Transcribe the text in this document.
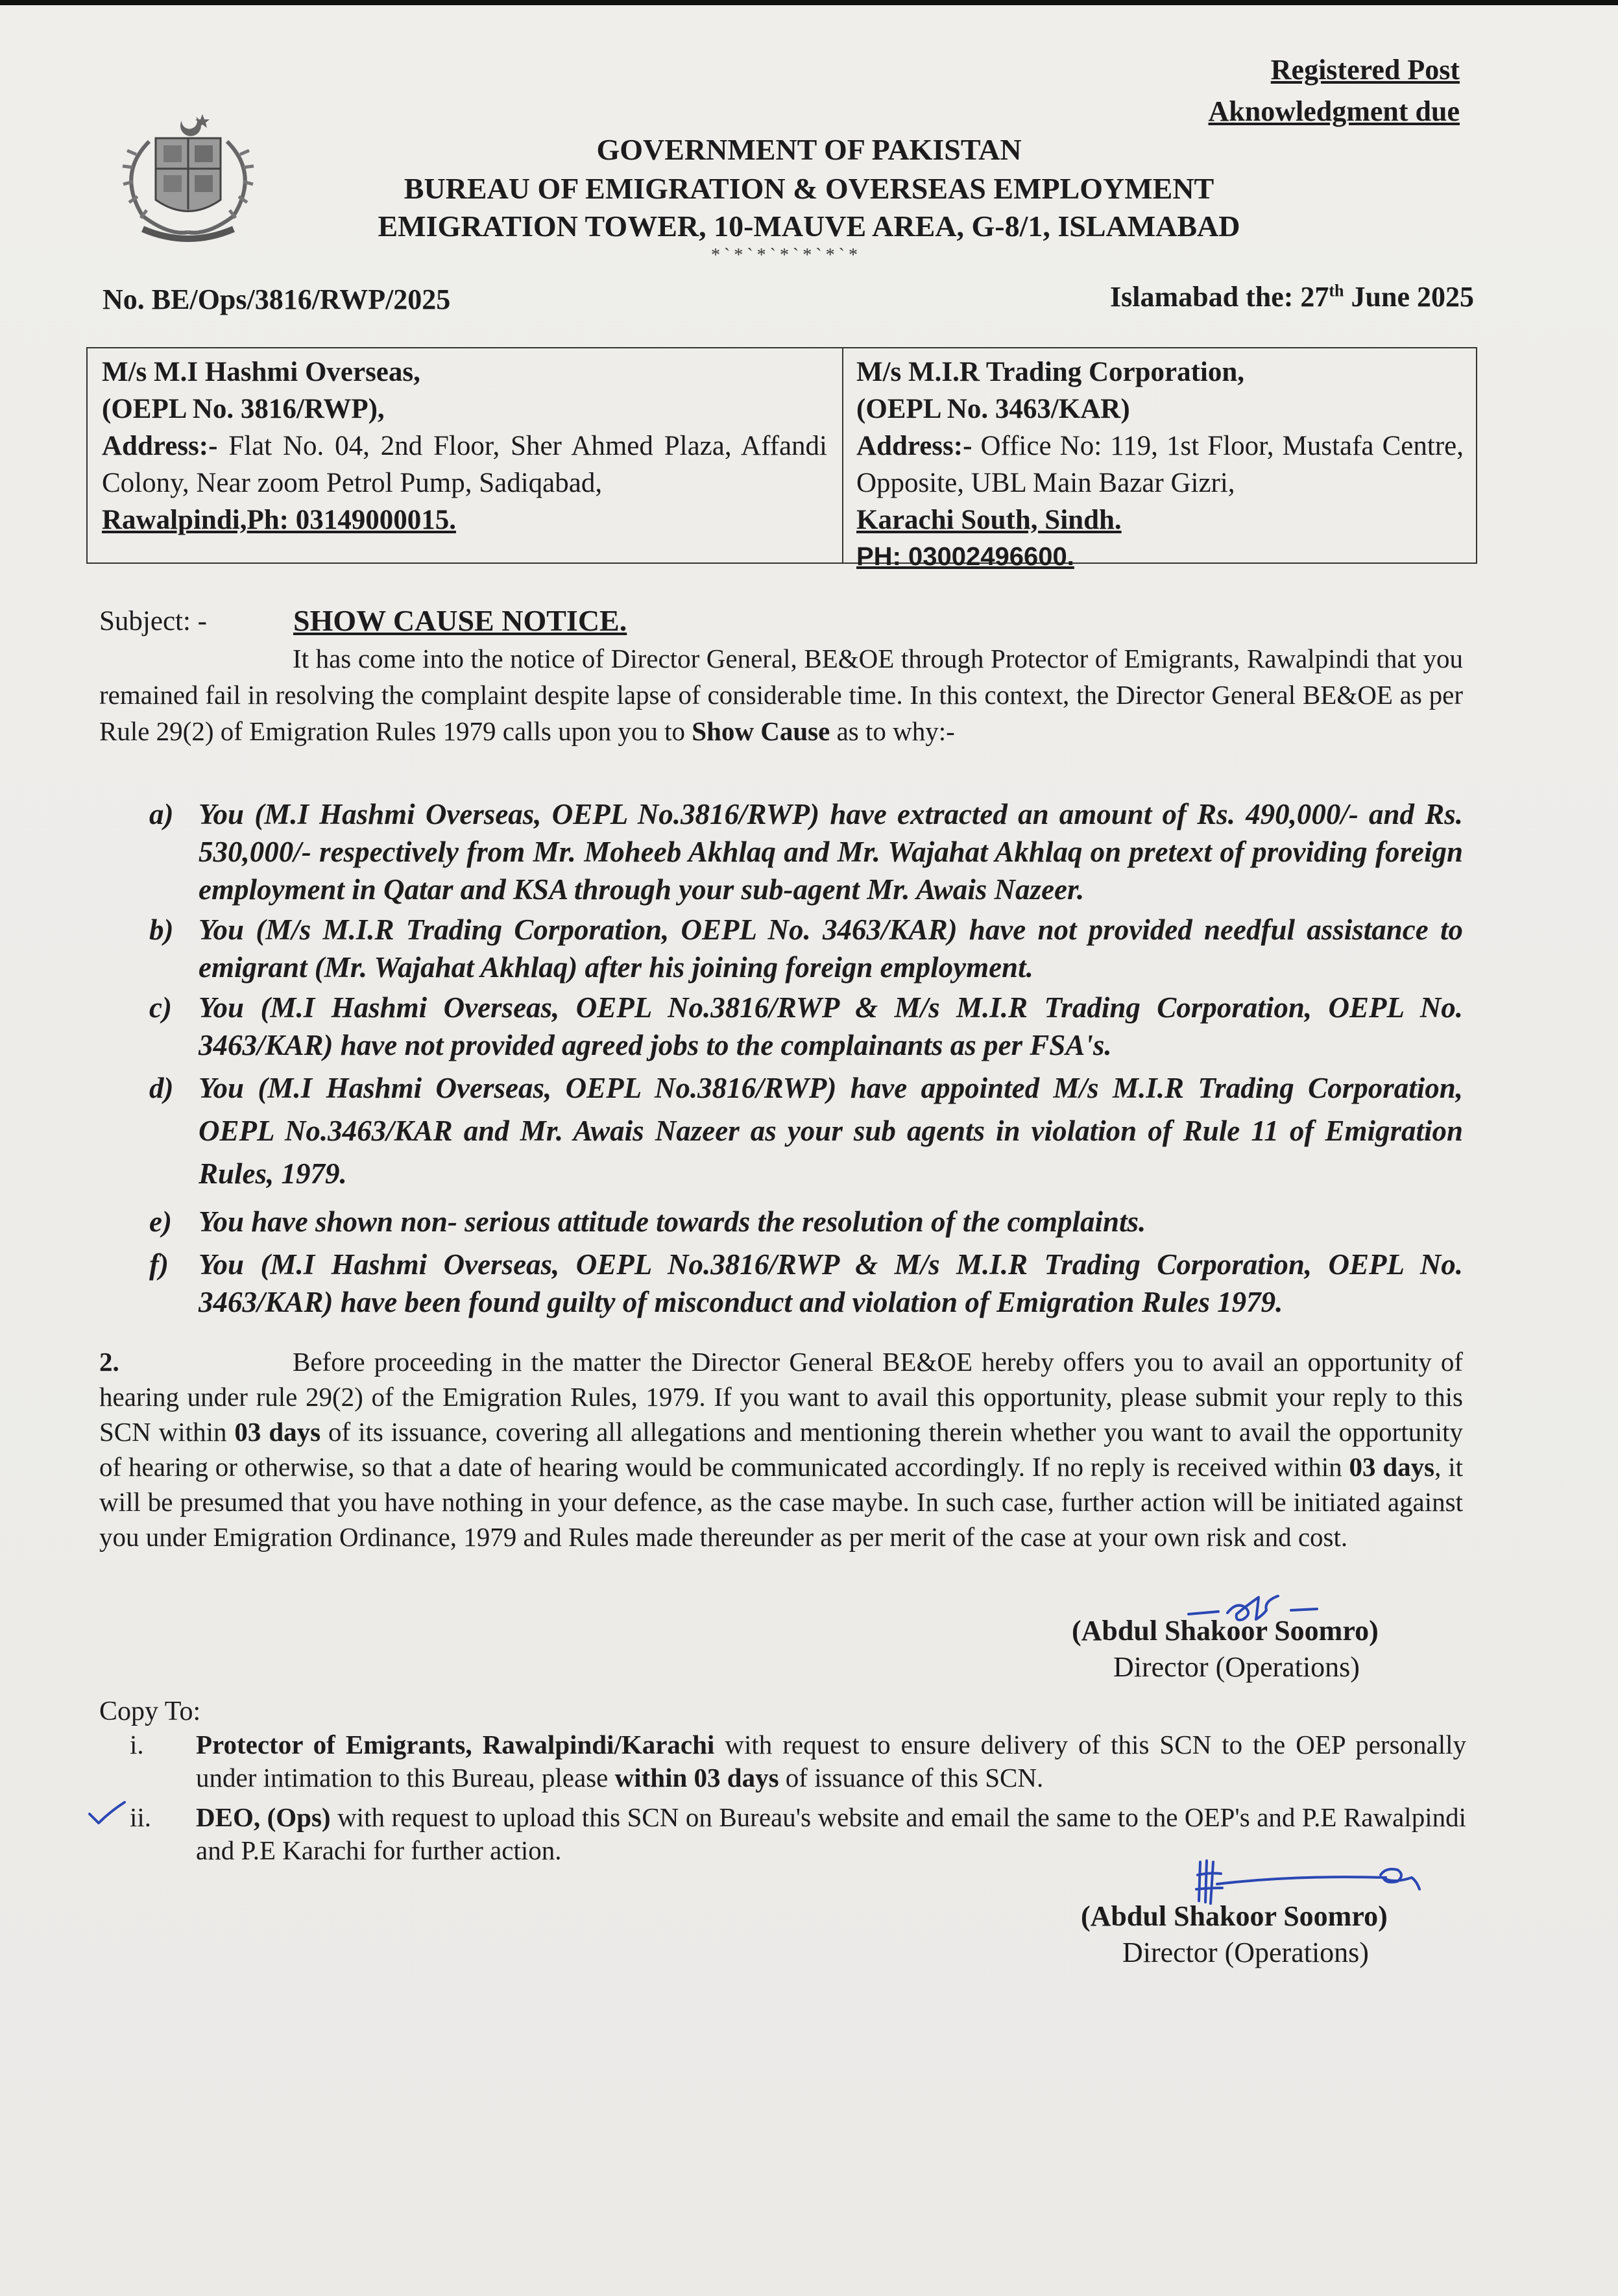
Registered Post
Aknowledgment due
GOVERNMENT OF PAKISTAN
BUREAU OF EMIGRATION & OVERSEAS EMPLOYMENT
EMIGRATION TOWER, 10-MAUVE AREA, G-8/1, ISLAMABAD
*`*`*`*`*`*`*
No. BE/Ops/3816/RWP/2025	Islamabad the: 27th June 2025
M/s M.I Hashmi Overseas,
(OEPL No. 3816/RWP),
Address:- Flat No. 04, 2nd Floor, Sher Ahmed Plaza, Affandi Colony, Near zoom Petrol Pump, Sadiqabad,
Rawalpindi,Ph: 03149000015.
M/s M.I.R Trading Corporation,
(OEPL No. 3463/KAR)
Address:- Office No: 119, 1st Floor, Mustafa Centre, Opposite, UBL Main Bazar Gizri,
Karachi South, Sindh.
PH: 03002496600.
Subject: -	SHOW CAUSE NOTICE.
It has come into the notice of Director General, BE&OE through Protector of Emigrants, Rawalpindi that you remained fail in resolving the complaint despite lapse of considerable time. In this context, the Director General BE&OE as per Rule 29(2) of Emigration Rules 1979 calls upon you to Show Cause as to why:-
a) You (M.I Hashmi Overseas, OEPL No.3816/RWP) have extracted an amount of Rs. 490,000/- and Rs. 530,000/- respectively from Mr. Moheeb Akhlaq and Mr. Wajahat Akhlaq on pretext of providing foreign employment in Qatar and KSA through your sub-agent Mr. Awais Nazeer.
b) You (M/s M.I.R Trading Corporation, OEPL No. 3463/KAR) have not provided needful assistance to emigrant (Mr. Wajahat Akhlaq) after his joining foreign employment.
c) You (M.I Hashmi Overseas, OEPL No.3816/RWP & M/s M.I.R Trading Corporation, OEPL No. 3463/KAR) have not provided agreed jobs to the complainants as per FSA's.
d) You (M.I Hashmi Overseas, OEPL No.3816/RWP) have appointed M/s M.I.R Trading Corporation, OEPL No.3463/KAR and Mr. Awais Nazeer as your sub agents in violation of Rule 11 of Emigration Rules, 1979.
e) You have shown non- serious attitude towards the resolution of the complaints.
f) You (M.I Hashmi Overseas, OEPL No.3816/RWP & M/s M.I.R Trading Corporation, OEPL No. 3463/KAR) have been found guilty of misconduct and violation of Emigration Rules 1979.
2.	Before proceeding in the matter the Director General BE&OE hereby offers you to avail an opportunity of hearing under rule 29(2) of the Emigration Rules, 1979. If you want to avail this opportunity, please submit your reply to this SCN within 03 days of its issuance, covering all allegations and mentioning therein whether you want to avail the opportunity of hearing or otherwise, so that a date of hearing would be communicated accordingly. If no reply is received within 03 days, it will be presumed that you have nothing in your defence, as the case maybe. In such case, further action will be initiated against you under Emigration Ordinance, 1979 and Rules made thereunder as per merit of the case at your own risk and cost.
(Abdul Shakoor Soomro)
Director (Operations)
Copy To:
i. Protector of Emigrants, Rawalpindi/Karachi with request to ensure delivery of this SCN to the OEP personally under intimation to this Bureau, please within 03 days of issuance of this SCN.
ii. DEO, (Ops) with request to upload this SCN on Bureau's website and email the same to the OEP's and P.E Rawalpindi and P.E Karachi for further action.
(Abdul Shakoor Soomro)
Director (Operations)
